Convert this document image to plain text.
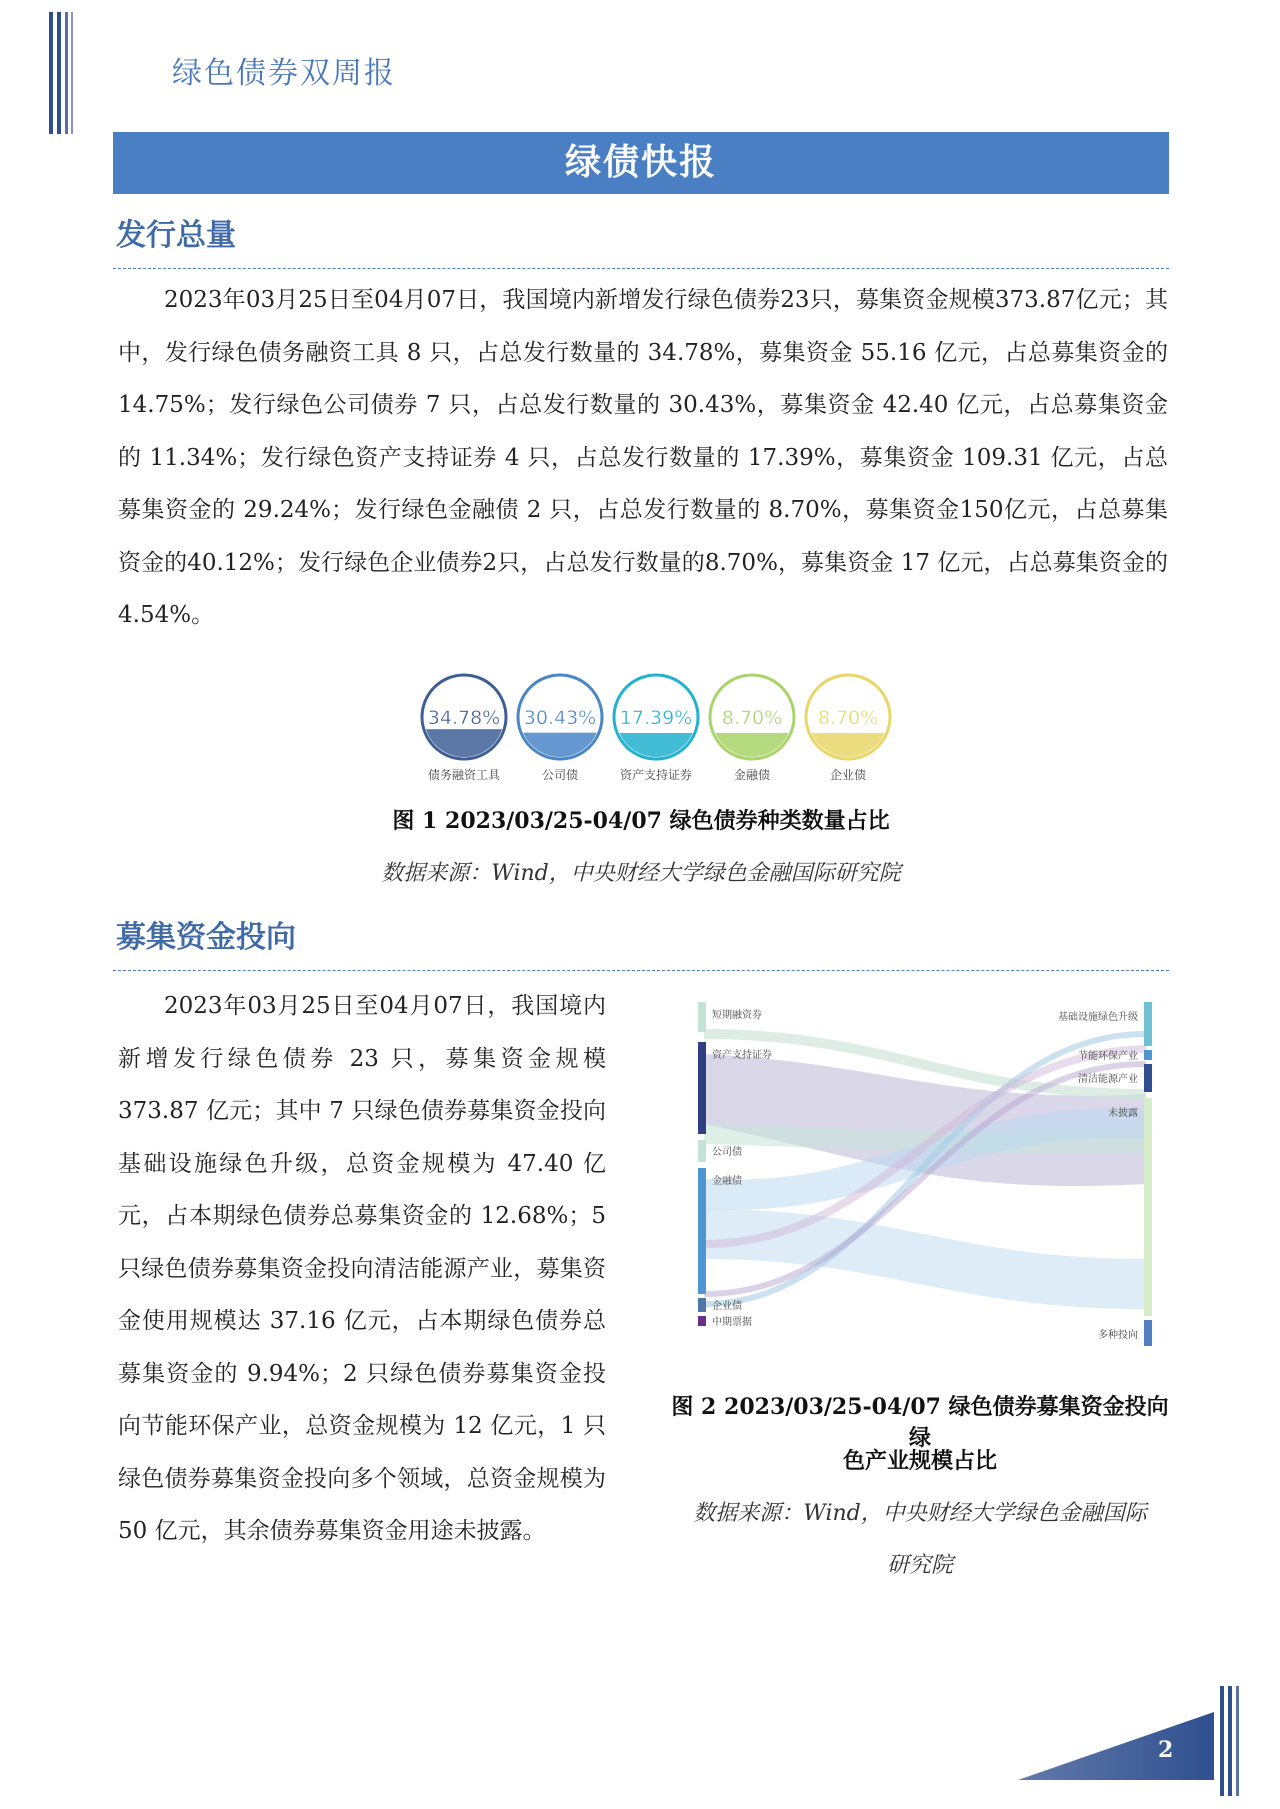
绿色债券双周报
绿债快报
发行总量

2023年03月25日至04月07日，我国境内新增发行绿色债券23只，募集资金规模373.87亿元；其中，发行绿色债务融资工具 8 只，占总发行数量的 34.78%，募集资金 55.16 亿元，占总募集资金的 14.75%；发行绿色公司债券 7 只，占总发行数量的 30.43%，募集资金 42.40 亿元，占总募集资金的 11.34%；发行绿色资产支持证券 4 只，占总发行数量的 17.39%，募集资金 109.31 亿元，占总募集资金的 29.24%；发行绿色金融债 2 只，占总发行数量的 8.70%，募集资金150亿元，占总募集资金的40.12%；发行绿色企业债券2只，占总发行数量的8.70%，募集资金 17 亿元，占总募集资金的 4.54%。

34.78%
债务融资工具
30.43%
公司债
17.39%
资产支持证券
8.70%
金融债
8.70%
企业债
图 1 2023/03/25-04/07 绿色债券种类数量占比
数据来源：Wind，中央财经大学绿色金融国际研究院
募集资金投向

2023年03月25日至04月07日，我国境内新增发行绿色债券 23 只，募集资金规模 373.87 亿元；其中 7 只绿色债券募集资金投向基础设施绿色升级，总资金规模为 47.40 亿元，占本期绿色债券总募集资金的 12.68%；5 只绿色债券募集资金投向清洁能源产业，募集资金使用规模达 37.16 亿元，占本期绿色债券总募集资金的 9.94%；2 只绿色债券募集资金投向节能环保产业，总资金规模为 12 亿元，1 只绿色债券募集资金投向多个领域，总资金规模为 50 亿元，其余债券募集资金用途未披露。

短期融资券
资产支持证券
公司债
金融债
企业债
中期票据
基础设施绿色升级
节能环保产业
清洁能源产业
未披露
多种投向
图 2 2023/03/25-04/07 绿色债券募集资金投向绿
色产业规模占比
数据来源：Wind，中央财经大学绿色金融国际
研究院
2
